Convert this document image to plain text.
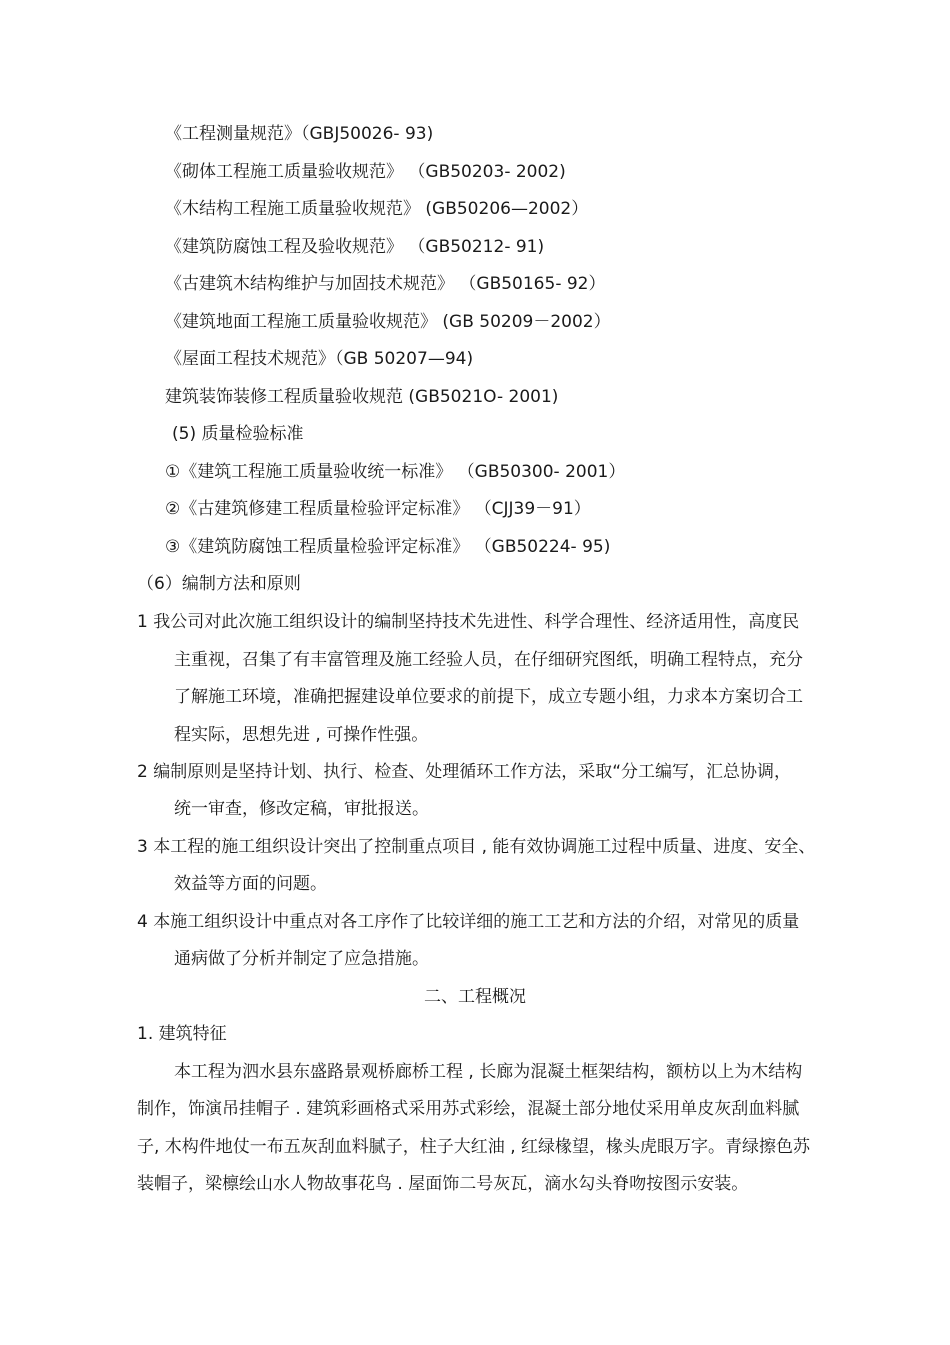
《工程测量规范》（GBJ50026- 93)
《砌体工程施工质量验收规范》 （GB50203- 2002)
《木结构工程施工质量验收规范》 (GB50206—2002）
《建筑防腐蚀工程及验收规范》 （GB50212- 91)
《古建筑木结构维护与加固技术规范》 （GB50165- 92）
《建筑地面工程施工质量验收规范》 (GB 50209－2002）
《屋面工程技术规范》（GB 50207—94)
建筑装饰装修工程质量验收规范 (GB5021O- 2001)
(5) 质量检验标准
①《建筑工程施工质量验收统一标准》 （GB50300- 2001）
②《古建筑修建工程质量检验评定标准》 （CJJ39－91）
③《建筑防腐蚀工程质量检验评定标准》 （GB50224- 95)
（6）编制方法和原则
1 我公司对此次施工组织设计的编制坚持技术先进性、科学合理性、经济适用性，高度民
主重视，召集了有丰富管理及施工经验人员，在仔细研究图纸，明确工程特点，充分
了解施工环境，准确把握建设单位要求的前提下，成立专题小组，力求本方案切合工
程实际，思想先进 , 可操作性强。
2 编制原则是坚持计划、执行、检查、处理循环工作方法，采取“分工编写，汇总协调，
统一审查，修改定稿，审批报送。
3 本工程的施工组织设计突出了控制重点项目 , 能有效协调施工过程中质量、进度、安全、
效益等方面的问题。
4 本施工组织设计中重点对各工序作了比较详细的施工工艺和方法的介绍，对常见的质量
通病做了分析并制定了应急措施。
二、工程概况
1. 建筑特征
本工程为泗水县东盛路景观桥廊桥工程 , 长廊为混凝土框架结构，额枋以上为木结构
制作，饰演吊挂帽子 . 建筑彩画格式采用苏式彩绘，混凝土部分地仗采用单皮灰刮血料腻
子, 木构件地仗一布五灰刮血料腻子，柱子大红油 , 红绿椽望，椽头虎眼万字。青绿擦色苏
装帽子，梁檩绘山水人物故事花鸟 . 屋面饰二号灰瓦，滴水勾头脊吻按图示安装。
